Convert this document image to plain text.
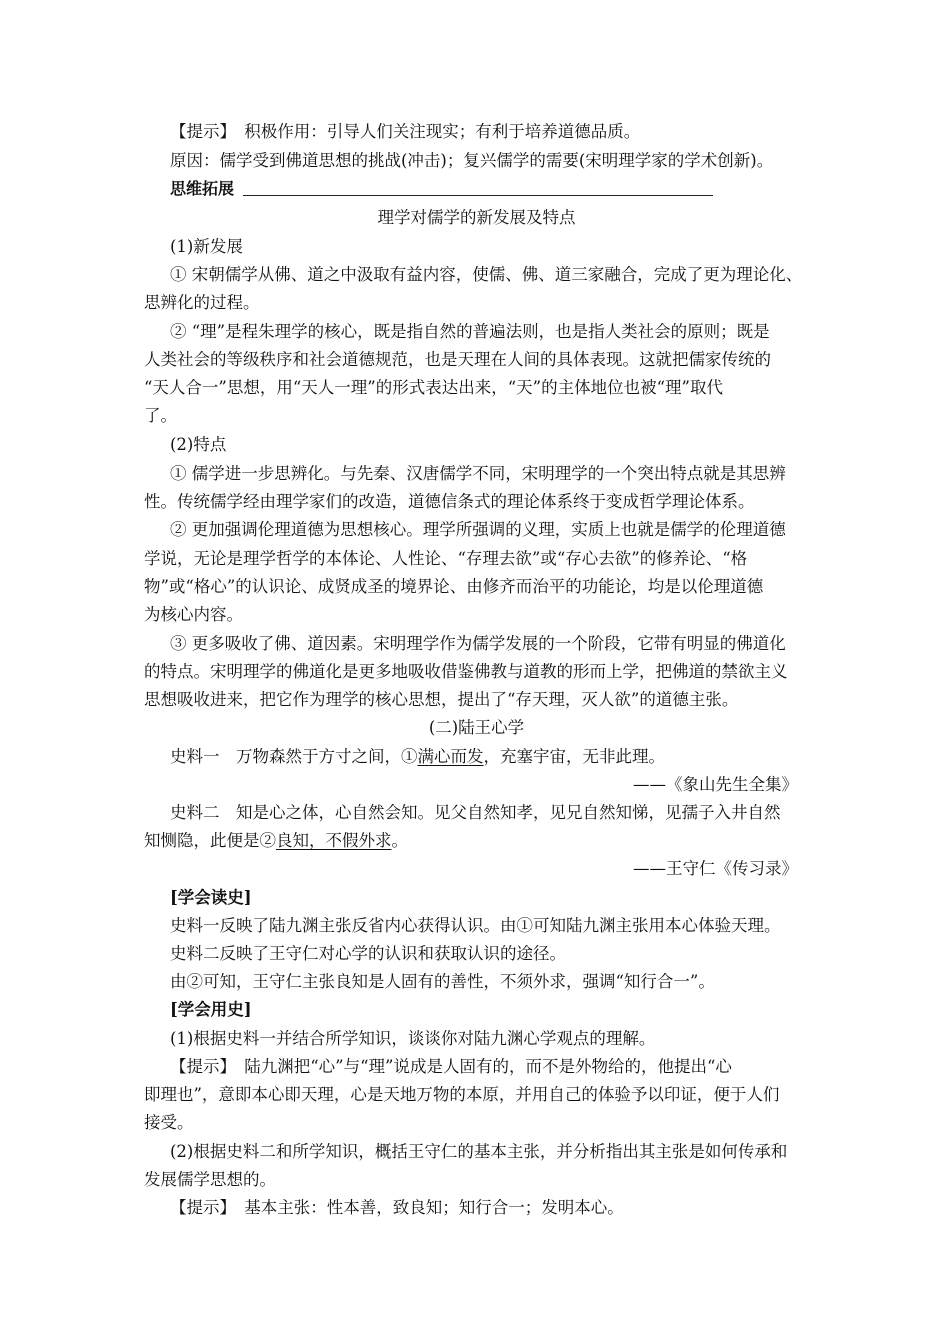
【提示】　 积极作用：引导人们关注现实；有利于培养道德品质。
原因：儒学受到佛道思想的挑战(冲击)；复兴儒学的需要(宋明理学家的学术创新)。
思维拓展
理学对儒学的新发展及特点
(1)新发展
① 宋朝儒学从佛、道之中汲取有益内容，使儒、佛、道三家融合，完成了更为理论化、
思辨化的过程。
② “理”是程朱理学的核心，既是指自然的普遍法则，也是指人类社会的原则；既是
人类社会的等级秩序和社会道德规范，也是天理在人间的具体表现。这就把儒家传统的
“天人合一”思想，用“天人一理”的形式表达出来，“天”的主体地位也被“理”取代
了。
(2)特点
① 儒学进一步思辨化。与先秦、汉唐儒学不同，宋明理学的一个突出特点就是其思辨
性。传统儒学经由理学家们的改造，道德信条式的理论体系终于变成哲学理论体系。
② 更加强调伦理道德为思想核心。理学所强调的义理，实质上也就是儒学的伦理道德
学说，无论是理学哲学的本体论、人性论、“存理去欲”或“存心去欲”的修养论、“格
物”或“格心”的认识论、成贤成圣的境界论、由修齐而治平的功能论，均是以伦理道德
为核心内容。
③ 更多吸收了佛、道因素。宋明理学作为儒学发展的一个阶段，它带有明显的佛道化
的特点。宋明理学的佛道化是更多地吸收借鉴佛教与道教的形而上学，把佛道的禁欲主义
思想吸收进来，把它作为理学的核心思想，提出了“存天理，灭人欲”的道德主张。
(二)陆王心学
史料一　万物森然于方寸之间，①满心而发，充塞宇宙，无非此理。
——《象山先生全集》
史料二　知是心之体，心自然会知。见父自然知孝，见兄自然知悌，见孺子入井自然
知恻隐，此便是②良知，不假外求。
——王守仁《传习录》
[学会读史]
史料一反映了陆九渊主张反省内心获得认识。由①可知陆九渊主张用本心体验天理。
史料二反映了王守仁对心学的认识和获取认识的途径。
由②可知，王守仁主张良知是人固有的善性，不须外求，强调“知行合一”。
[学会用史]
(1)根据史料一并结合所学知识，谈谈你对陆九渊心学观点的理解。
【提示】　 陆九渊把“心”与“理”说成是人固有的，而不是外物给的，他提出“心
即理也”，意即本心即天理，心是天地万物的本原，并用自己的体验予以印证，便于人们
接受。
(2)根据史料二和所学知识，概括王守仁的基本主张，并分析指出其主张是如何传承和
发展儒学思想的。
【提示】　 基本主张：性本善，致良知；知行合一；发明本心。
